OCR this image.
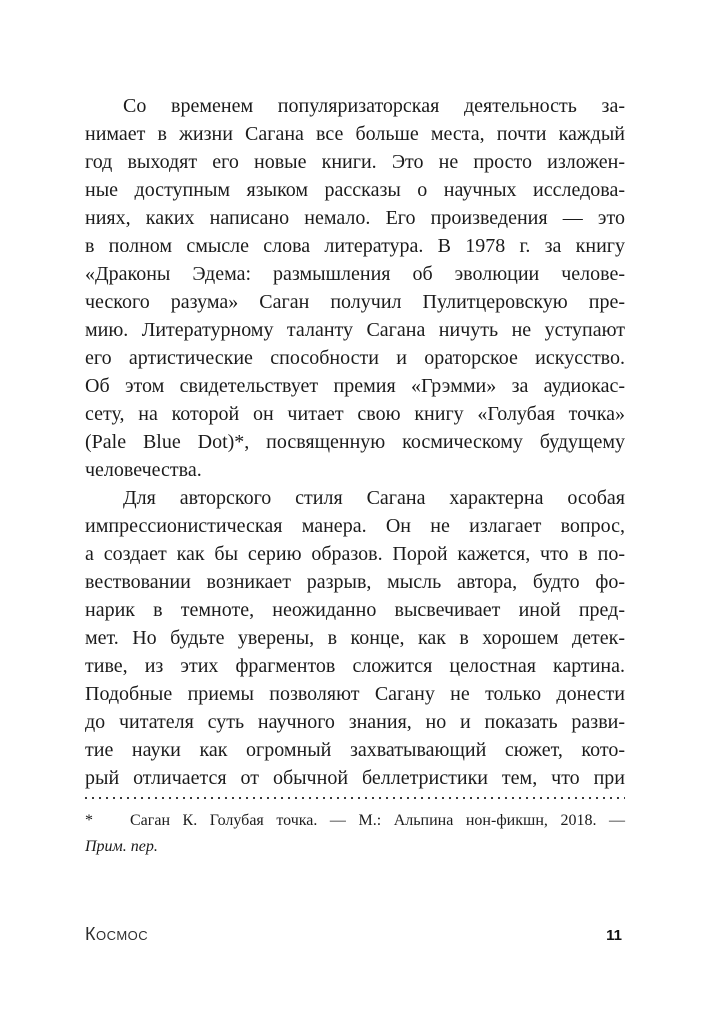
Со временем популяризаторская деятельность за-
нимает в жизни Сагана все больше места, почти каждый
год выходят его новые книги. Это не просто изложен-
ные доступным языком рассказы о научных исследова-
ниях, каких написано немало. Его произведения — это
в полном смысле слова литература. В 1978 г. за книгу
«Драконы Эдема: размышления об эволюции челове-
ческого разума» Саган получил Пулитцеровскую пре-
мию. Литературному таланту Сагана ничуть не уступают
его артистические способности и ораторское искусство.
Об этом свидетельствует премия «Грэмми» за аудиокас-
сету, на которой он читает свою книгу «Голубая точка»
(Pale Blue Dot)*, посвященную космическому будущему
человечества.
Для авторского стиля Сагана характерна особая
импрессионистическая манера. Он не излагает вопрос,
а создает как бы серию образов. Порой кажется, что в по-
вествовании возникает разрыв, мысль автора, будто фо-
нарик в темноте, неожиданно высвечивает иной пред-
мет. Но будьте уверены, в конце, как в хорошем детек-
тиве, из этих фрагментов сложится целостная картина.
Подобные приемы позволяют Сагану не только донести
до читателя суть научного знания, но и показать разви-
тие науки как огромный захватывающий сюжет, кото-
рый отличается от обычной беллетристики тем, что при
* Саган К. Голубая точка. — М.: Альпина нон-фикшн, 2018. —
Прим. пер.
Космос	11
